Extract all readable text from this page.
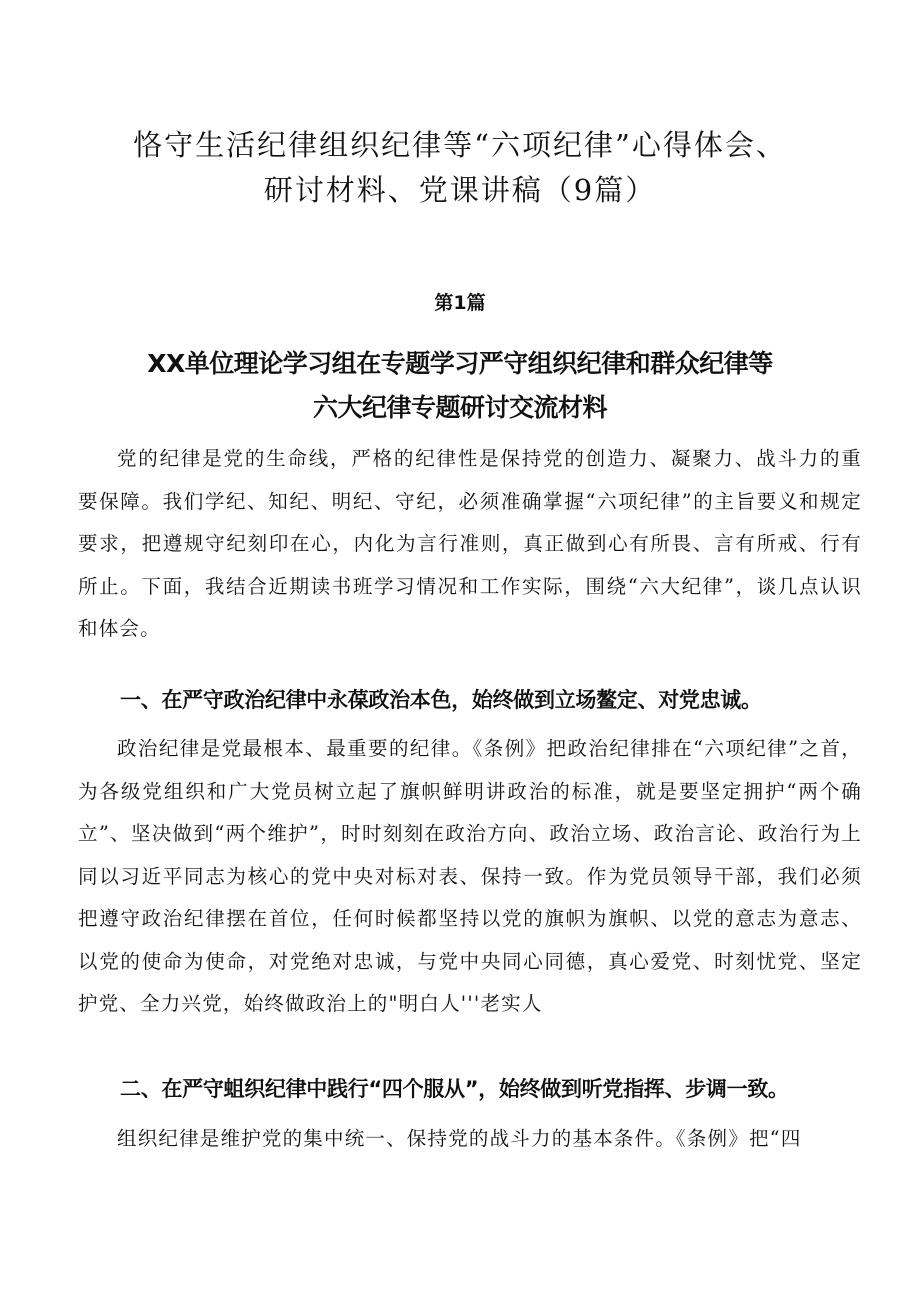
恪守生活纪律组织纪律等“六项纪律”心得体会、
研讨材料、党课讲稿（9篇）
第1篇
XX单位理论学习组在专题学习严守组织纪律和群众纪律等
六大纪律专题研讨交流材料

党的纪律是党的生命线，严格的纪律性是保持党的创造力、凝聚力、战斗力的重要保障。我们学纪、知纪、明纪、守纪，必须准确掌握“六项纪律”的主旨要义和规定要求，把遵规守纪刻印在心，内化为言行准则，真正做到心有所畏、言有所戒、行有所止。下面，我结合近期读书班学习情况和工作实际，围绕“六大纪律”，谈几点认识和体会。

一、在严守政治纪律中永葆政治本色，始终做到立场鳌定、对党忠诚。

政治纪律是党最根本、最重要的纪律。《条例》把政治纪律排在“六项纪律”之首，为各级党组织和广大党员树立起了旗帜鲜明讲政治的标准，就是要坚定拥护“两个确立”、坚决做到“两个维护”，时时刻刻在政治方向、政治立场、政治言论、政治行为上同以习近平同志为核心的党中央对标对表、保持一致。作为党员领导干部，我们必须把遵守政治纪律摆在首位，任何时候都坚持以党的旗帜为旗帜、以党的意志为意志、以党的使命为使命，对党绝对忠诚，与党中央同心同德，真心爱党、时刻忧党、坚定护党、全力兴党，始终做政治上的"明白人'''老实人

二、在严守蛆织纪律中践行“四个服从”，始终做到听党指挥、步调一致。

组织纪律是维护党的集中统一、保持党的战斗力的基本条件。《条例》把“四
